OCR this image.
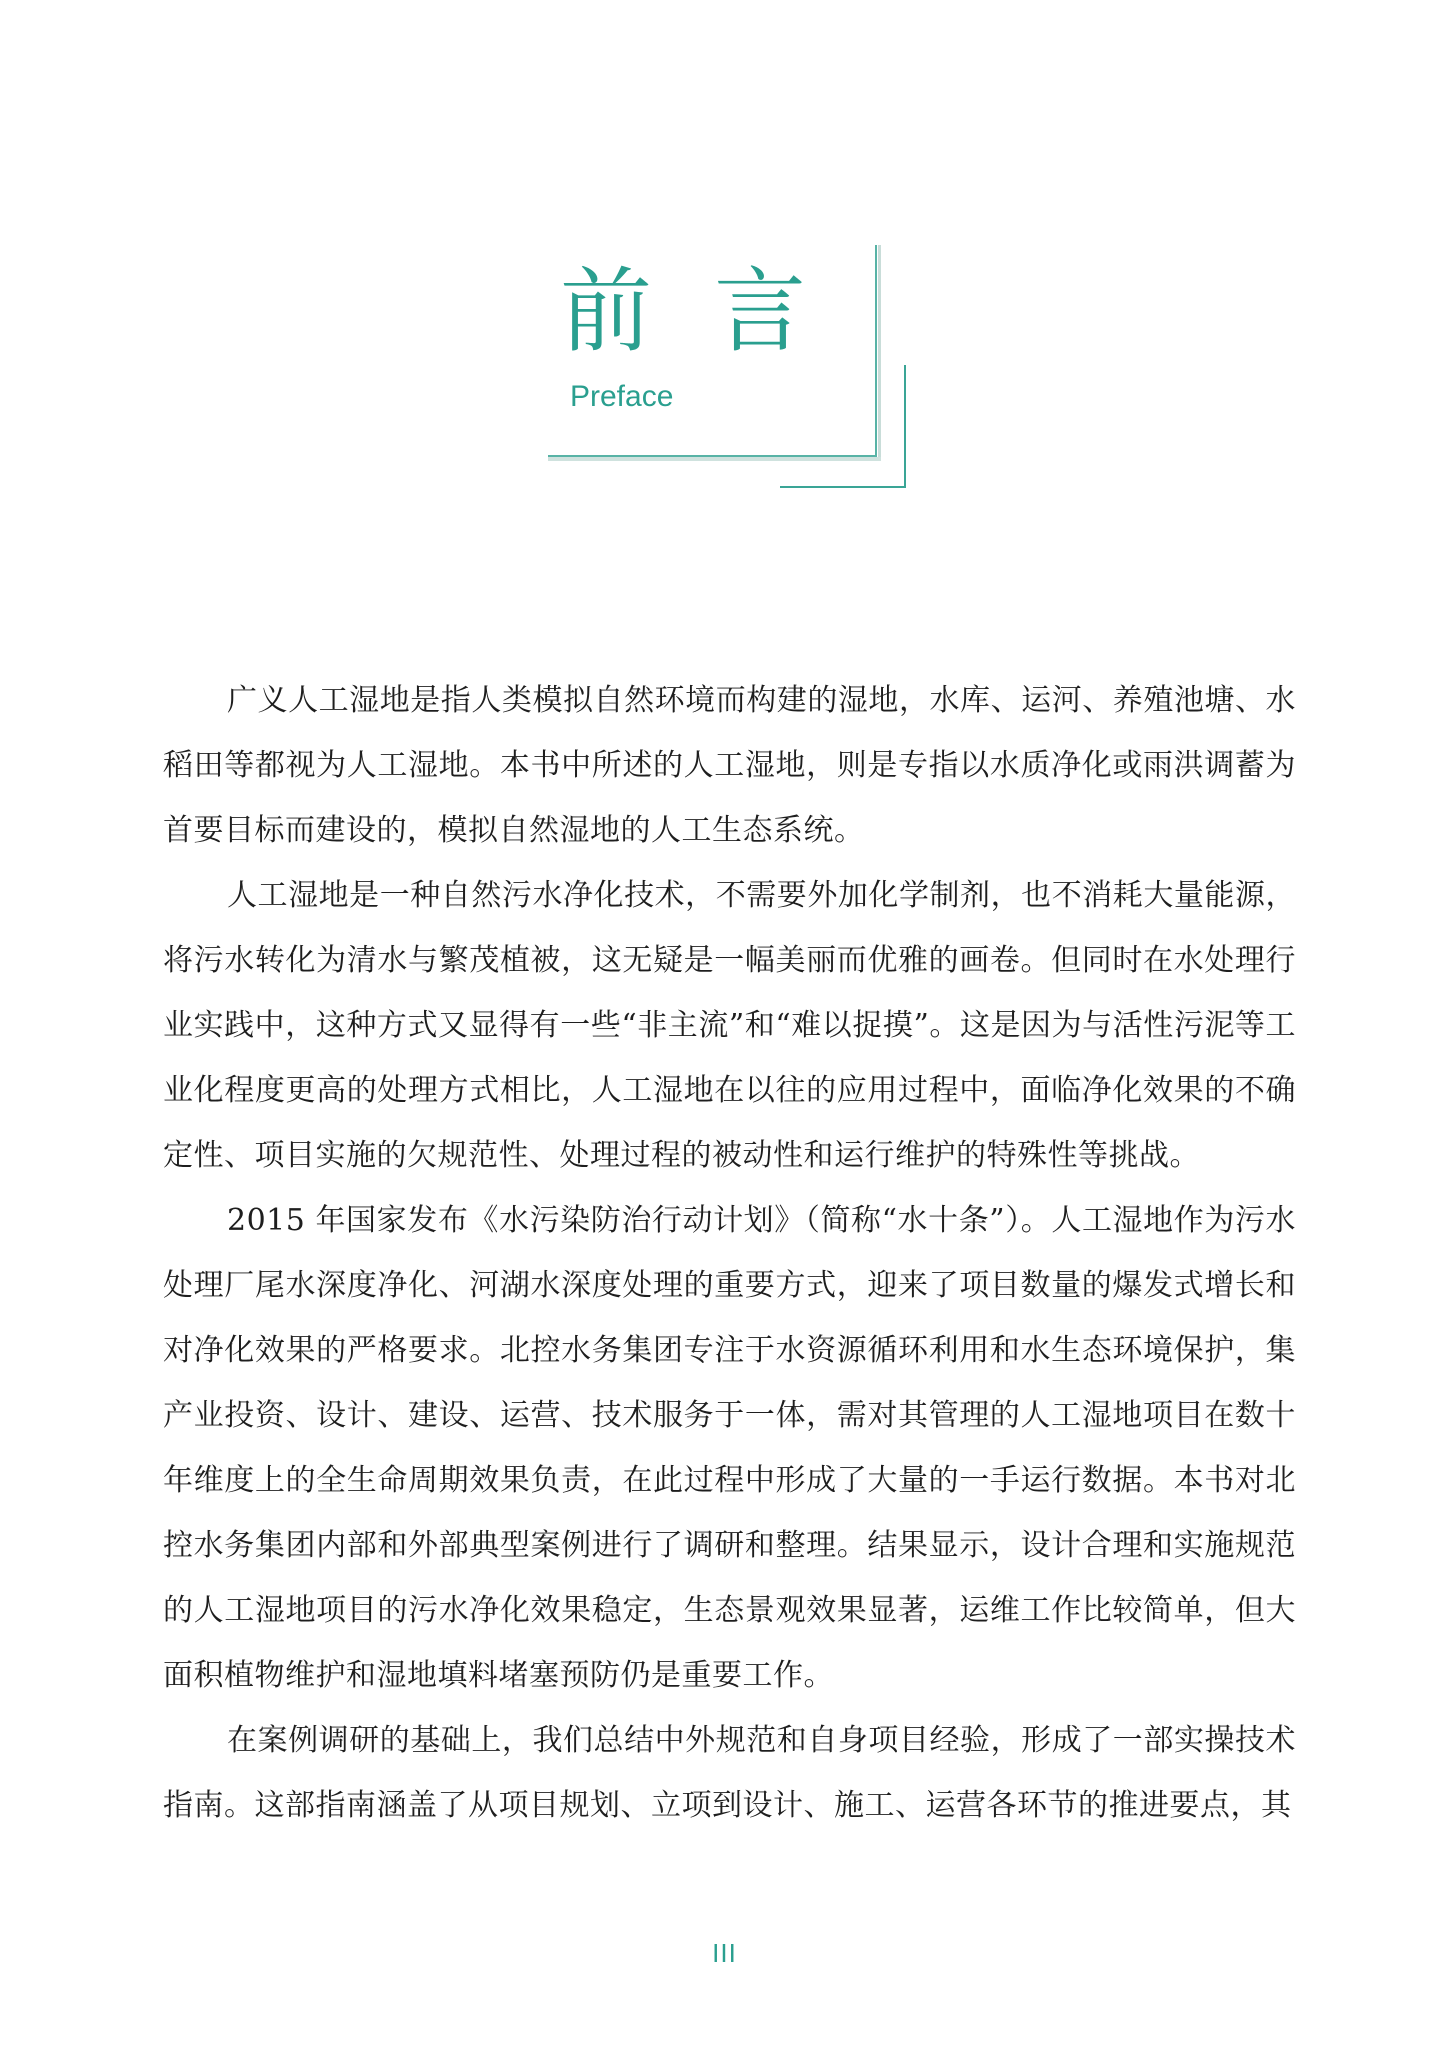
前言

Preface

广义人工湿地是指人类模拟自然环境而构建的湿地，水库、运河、养殖池塘、水稻田等都视为人工湿地。本书中所述的人工湿地，则是专指以水质净化或雨洪调蓄为首要目标而建设的，模拟自然湿地的人工生态系统。

人工湿地是一种自然污水净化技术，不需要外加化学制剂，也不消耗大量能源，将污水转化为清水与繁茂植被，这无疑是一幅美丽而优雅的画卷。但同时在水处理行业实践中，这种方式又显得有一些“非主流”和“难以捉摸”。这是因为与活性污泥等工业化程度更高的处理方式相比，人工湿地在以往的应用过程中，面临净化效果的不确定性、项目实施的欠规范性、处理过程的被动性和运行维护的特殊性等挑战。

2015 年国家发布《水污染防治行动计划》（简称“水十条”）。人工湿地作为污水处理厂尾水深度净化、河湖水深度处理的重要方式，迎来了项目数量的爆发式增长和对净化效果的严格要求。北控水务集团专注于水资源循环利用和水生态环境保护，集产业投资、设计、建设、运营、技术服务于一体，需对其管理的人工湿地项目在数十年维度上的全生命周期效果负责，在此过程中形成了大量的一手运行数据。本书对北控水务集团内部和外部典型案例进行了调研和整理。结果显示，设计合理和实施规范的人工湿地项目的污水净化效果稳定，生态景观效果显著，运维工作比较简单，但大面积植物维护和湿地填料堵塞预防仍是重要工作。

在案例调研的基础上，我们总结中外规范和自身项目经验，形成了一部实操技术指南。这部指南涵盖了从项目规划、立项到设计、施工、运营各环节的推进要点，其

III
